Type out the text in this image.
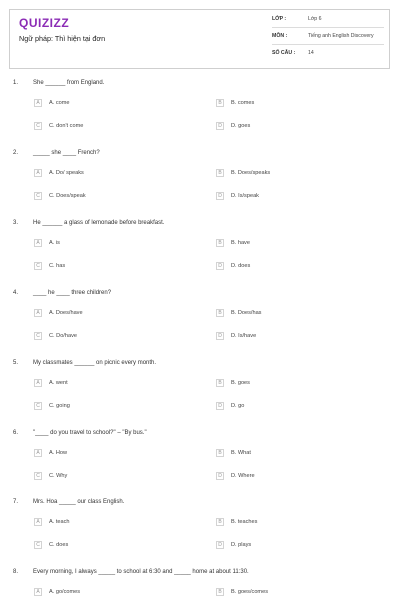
QUIZIZZ
Ngữ pháp: Thì hiện tại đơn
LỚP :	Lớp 6
MÔN :	Tiếng anh English Discovery
SỐ CÂU : 14
1. She ______ from England.
A	A. come	B	B. comes
C	C. don't come	D	D. goes
2. _____ she ____ French?
A	A. Do/ speaks	B	B. Does/speaks
C	C. Does/speak	D	D. Is/speak
3. He ______ a glass of lemonade before breakfast.
A	A. is	B	B. have
C	C. has	D	D. does
4. ____ he ____ three children?
A	A. Does/have	B	B. Does/has
C	C. Do/have	D	D. Is/have
5. My classmates ______ on picnic every month.
A	A. went	B	B. goes
C	C. going	D	D. go
6. "____ do you travel to school?" – "By bus."
A	A. How	B	B. What
C	C. Why	D	D. Where
7. Mrs. Hoa _____ our class English.
A	A. teach	B	B. teaches
C	C. does	D	D. plays
8. Every morning, I always _____ to school at 6:30 and _____ home at about 11:30.
A	A. go/comes	B	B. goes/comes
